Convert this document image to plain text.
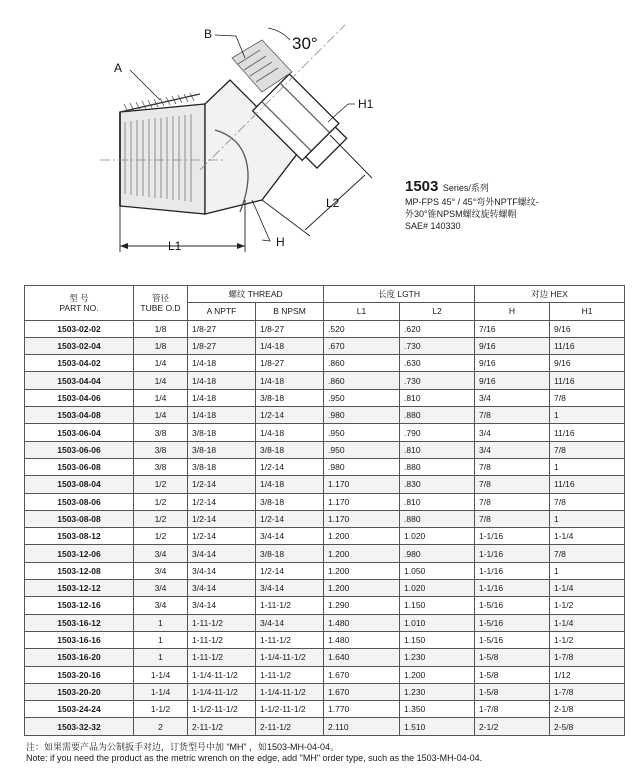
A
B	30°
H1
L2
L1	H
1503 Series/系列
MP-FPS 45° / 45°弯外NPTF螺纹-
外30°锥NPSM螺纹旋转螺帽
SAE# 140330
型 号
PART NO.	管径
TUBE O.D	螺纹 THREAD		长度 LGTH		对边 HEX	
		A NPTF	B NPSM	L1	L2	H	H1
1503-02-02	1/8	1/8-27	1/8-27	.520	.620	7/16	9/16
1503-02-04	1/8	1/8-27	1/4-18	.670	.730	9/16	11/16
1503-04-02	1/4	1/4-18	1/8-27	.860	.630	9/16	9/16
1503-04-04	1/4	1/4-18	1/4-18	.860	.730	9/16	11/16
1503-04-06	1/4	1/4-18	3/8-18	.950	.810	3/4	7/8
1503-04-08	1/4	1/4-18	1/2-14	.980	.880	7/8	1
1503-06-04	3/8	3/8-18	1/4-18	.950	.790	3/4	11/16
1503-06-06	3/8	3/8-18	3/8-18	.950	.810	3/4	7/8
1503-06-08	3/8	3/8-18	1/2-14	.980	.880	7/8	1
1503-08-04	1/2	1/2-14	1/4-18	1.170	.830	7/8	11/16
1503-08-06	1/2	1/2-14	3/8-18	1.170	.810	7/8	7/8
1503-08-08	1/2	1/2-14	1/2-14	1.170	.880	7/8	1
1503-08-12	1/2	1/2-14	3/4-14	1.200	1.020	1-1/16	1-1/4
1503-12-06	3/4	3/4-14	3/8-18	1.200	.980	1-1/16	7/8
1503-12-08	3/4	3/4-14	1/2-14	1.200	1.050	1-1/16	1
1503-12-12	3/4	3/4-14	3/4-14	1.200	1.020	1-1/16	1-1/4
1503-12-16	3/4	3/4-14	1-11-1/2	1.290	1.150	1-5/16	1-1/2
1503-16-12	1	1-11-1/2	3/4-14	1.480	1.010	1-5/16	1-1/4
1503-16-16	1	1-11-1/2	1-11-1/2	1.480	1.150	1-5/16	1-1/2
1503-16-20	1	1-11-1/2	1-1/4-11-1/2	1.640	1.230	1-5/8	1-7/8
1503-20-16	1-1/4	1-1/4-11-1/2	1-11-1/2	1.670	1.200	1-5/8	1/12
1503-20-20	1-1/4	1-1/4-11-1/2	1-1/4-11-1/2	1.670	1.230	1-5/8	1-7/8
1503-24-24	1-1/2	1-1/2-11-1/2	1-1/2-11-1/2	1.770	1.350	1-7/8	2-1/8
1503-32-32	2	2-11-1/2	2-11-1/2	2.110	1.510	2-1/2	2-5/8
注：如果需要产品为公制扳手对边，订货型号中加 “MH” ，如1503-MH-04-04。
Note: if you need the product as the metric wrench on the edge, add "MH" order type, such as the 1503-MH-04-04.
